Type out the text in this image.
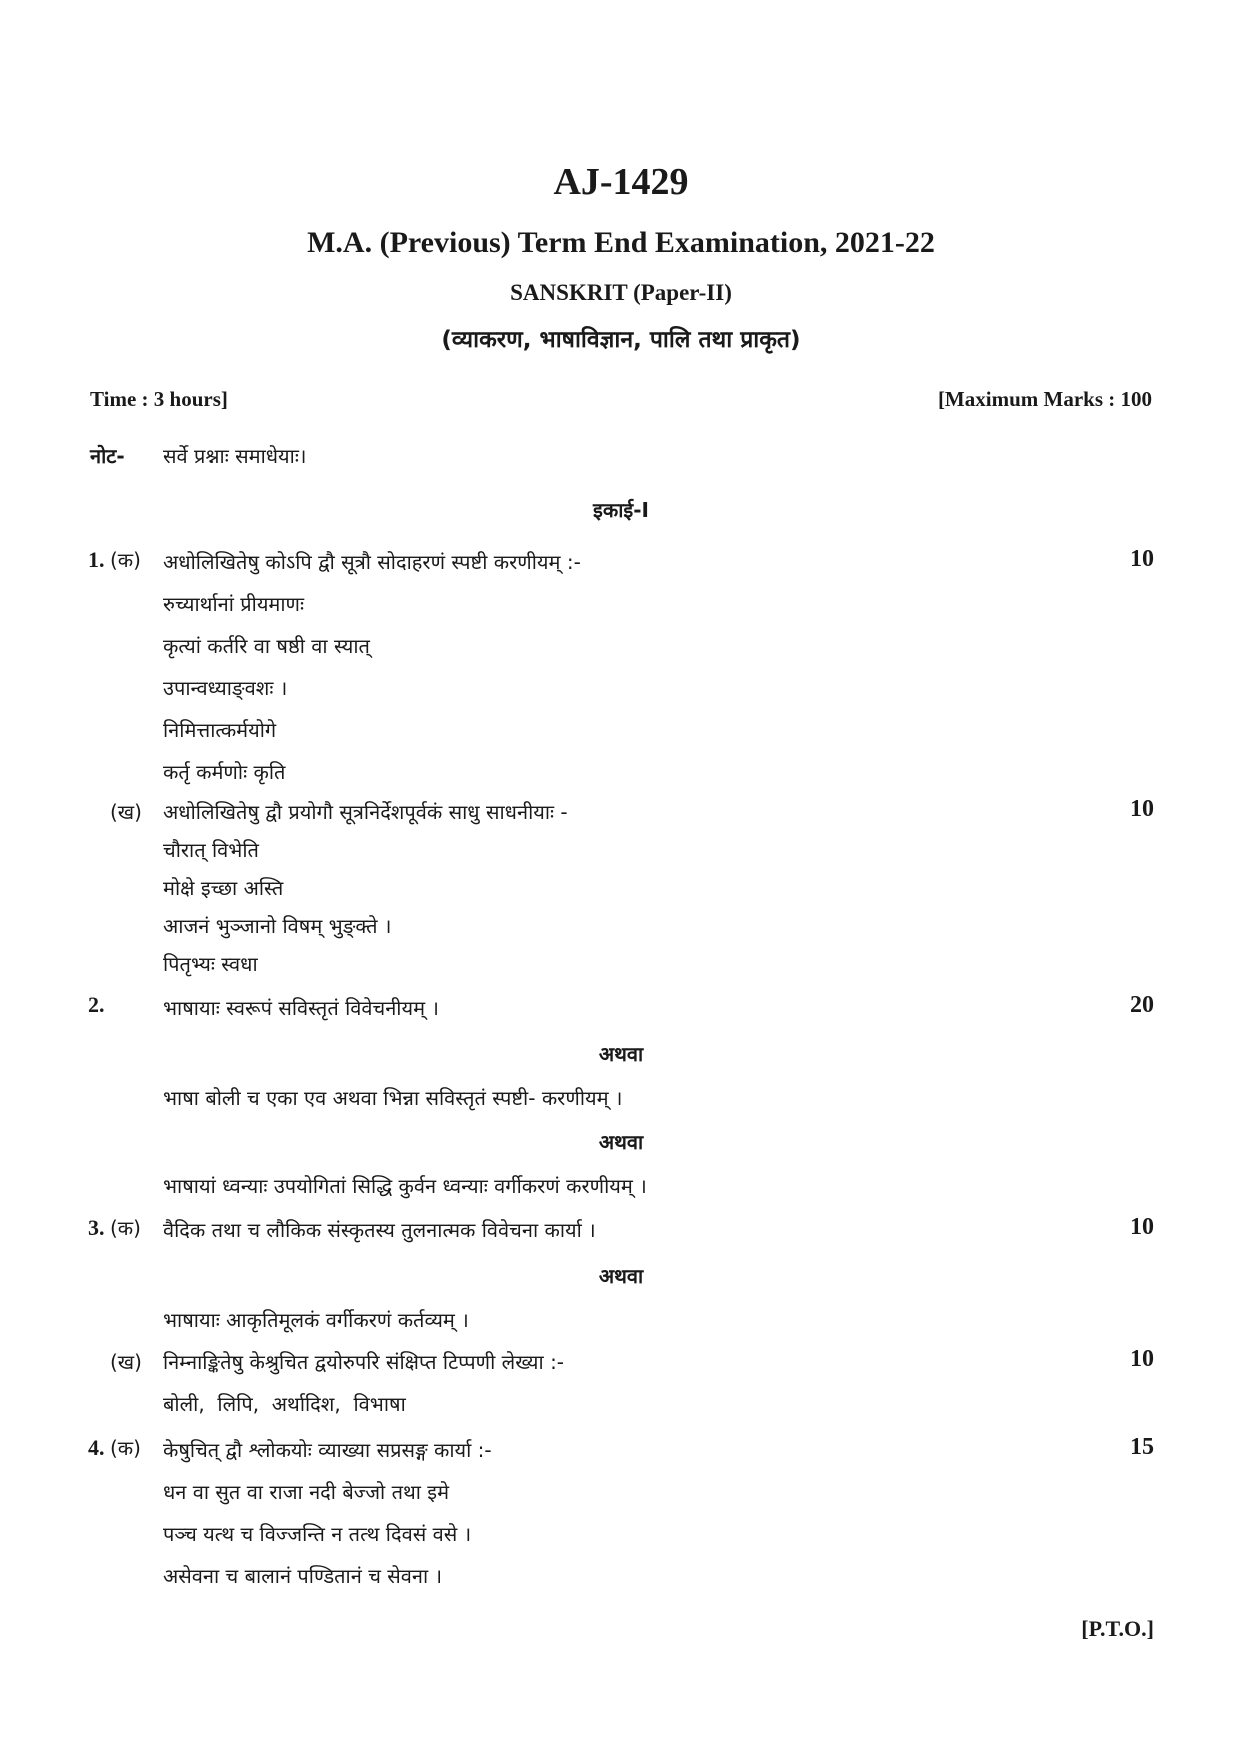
AJ-1429
M.A. (Previous) Term End Examination, 2021-22
SANSKRIT (Paper-II)
(व्याकरण, भाषाविज्ञान, पालि तथा प्राकृत)
Time : 3 hours]	[Maximum Marks : 100
नोट- सर्वे प्रश्नाः समाधेयाः।
इकाई-I
1. (क) अधोलिखितेषु कोऽपि द्वौ सूत्रौ सोदाहरणं स्पष्टी करणीयम् :-	10
रुच्यार्थानां प्रीयमाणः
कृत्यां कर्तरि वा षष्ठी वा स्यात्
उपान्वध्याङ्वशः ।
निमित्तात्कर्मयोगे
कर्तृ कर्मणोः कृति
(ख) अधोलिखितेषु द्वौ प्रयोगौ सूत्रनिर्देशपूर्वकं साधु साधनीयाः -	10
चौरात् विभेति
मोक्षे इच्छा अस्ति
आजनं भुञ्जानो विषम् भुङ्क्ते ।
पितृभ्यः स्वधा
2.	भाषायाः स्वरूपं सविस्तृतं विवेचनीयम् ।	20
अथवा
भाषा बोली च एका एव अथवा भिन्ना सविस्तृतं स्पष्टी- करणीयम् ।
अथवा
भाषायां ध्वन्याः उपयोगितां सिद्धि कुर्वन ध्वन्याः वर्गीकरणं करणीयम् ।
3. (क) वैदिक तथा च लौकिक संस्कृतस्य तुलनात्मक विवेचना कार्या ।	10
अथवा
भाषायाः आकृतिमूलकं वर्गीकरणं कर्तव्यम् ।
(ख) निम्नाङ्कितेषु केश्रुचित द्वयोरुपरि संक्षिप्त टिप्पणी लेख्या :-	10
बोली,  लिपि,  अर्थादिश,  विभाषा
4. (क) केषुचित् द्वौ श्लोकयोः व्याख्या सप्रसङ्ग कार्या :-	15
धन वा सुत वा राजा नदी बेज्जो तथा इमे
पञ्च यत्थ च विज्जन्ति न तत्थ दिवसं वसे ।
असेवना च बालानं पण्डितानं च सेवना ।
[P.T.O.]
